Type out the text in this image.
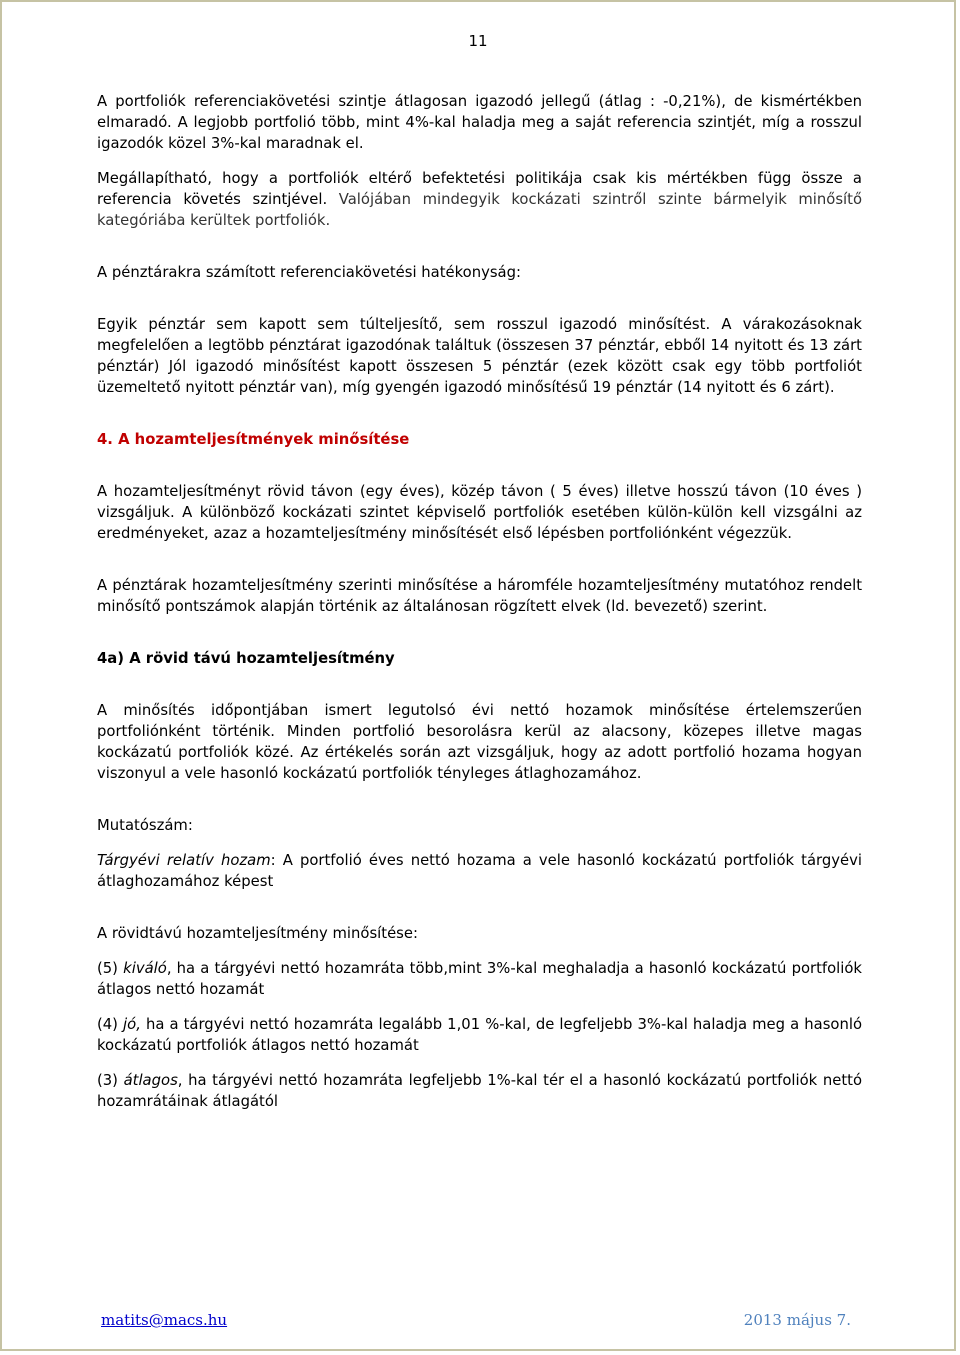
11

A portfoliók referenciakövetési szintje átlagosan igazodó jellegű (átlag : -0,21%), de kismértékben elmaradó. A legjobb portfolió több, mint 4%-kal haladja meg a saját referencia szintjét, míg a rosszul igazodók közel 3%-kal maradnak el.

Megállapítható, hogy a portfoliók eltérő befektetési politikája csak kis mértékben függ össze a referencia követés szintjével. Valójában mindegyik kockázati szintről szinte bármelyik minősítő kategóriába kerültek portfoliók.

A pénztárakra számított referenciakövetési hatékonyság:

Egyik pénztár sem kapott sem túlteljesítő, sem rosszul igazodó minősítést. A várakozásoknak megfelelően a legtöbb pénztárat igazodónak találtuk (összesen 37 pénztár, ebből 14 nyitott és 13 zárt pénztár) Jól igazodó minősítést kapott összesen 5 pénztár (ezek között csak egy több portfoliót üzemeltető nyitott pénztár van), míg gyengén igazodó minősítésű 19 pénztár (14 nyitott és 6 zárt).

4. A hozamteljesítmények minősítése

A hozamteljesítményt rövid távon (egy éves), közép távon ( 5 éves) illetve hosszú távon (10 éves ) vizsgáljuk. A különböző kockázati szintet képviselő portfoliók esetében külön-külön kell vizsgálni az eredményeket, azaz a hozamteljesítmény minősítését első lépésben portfoliónként végezzük.

A pénztárak hozamteljesítmény szerinti minősítése a háromféle hozamteljesítmény mutatóhoz rendelt minősítő pontszámok alapján történik az általánosan rögzített elvek (ld. bevezető) szerint.

4a) A rövid távú hozamteljesítmény

A minősítés időpontjában ismert legutolsó évi nettó hozamok minősítése értelemszerűen portfoliónként történik. Minden portfolió besorolásra kerül az alacsony, közepes illetve magas kockázatú portfoliók közé. Az értékelés során azt vizsgáljuk, hogy az adott portfolió hozama hogyan viszonyul a vele hasonló kockázatú portfoliók tényleges átlaghozamához.

Mutatószám:

Tárgyévi relatív hozam: A portfolió éves nettó hozama a vele hasonló kockázatú portfoliók tárgyévi átlaghozamához képest

A rövidtávú hozamteljesítmény minősítése:

(5) kiváló, ha a tárgyévi nettó hozamráta több,mint 3%-kal meghaladja a hasonló kockázatú portfoliók átlagos nettó hozamát

(4) jó, ha a tárgyévi nettó hozamráta legalább 1,01 %-kal, de legfeljebb 3%-kal haladja meg a hasonló kockázatú portfoliók átlagos nettó hozamát

(3) átlagos, ha tárgyévi nettó hozamráta legfeljebb 1%-kal tér el a hasonló kockázatú portfoliók nettó hozamrátáinak átlagától

matits@macs.hu	2013 május 7.
